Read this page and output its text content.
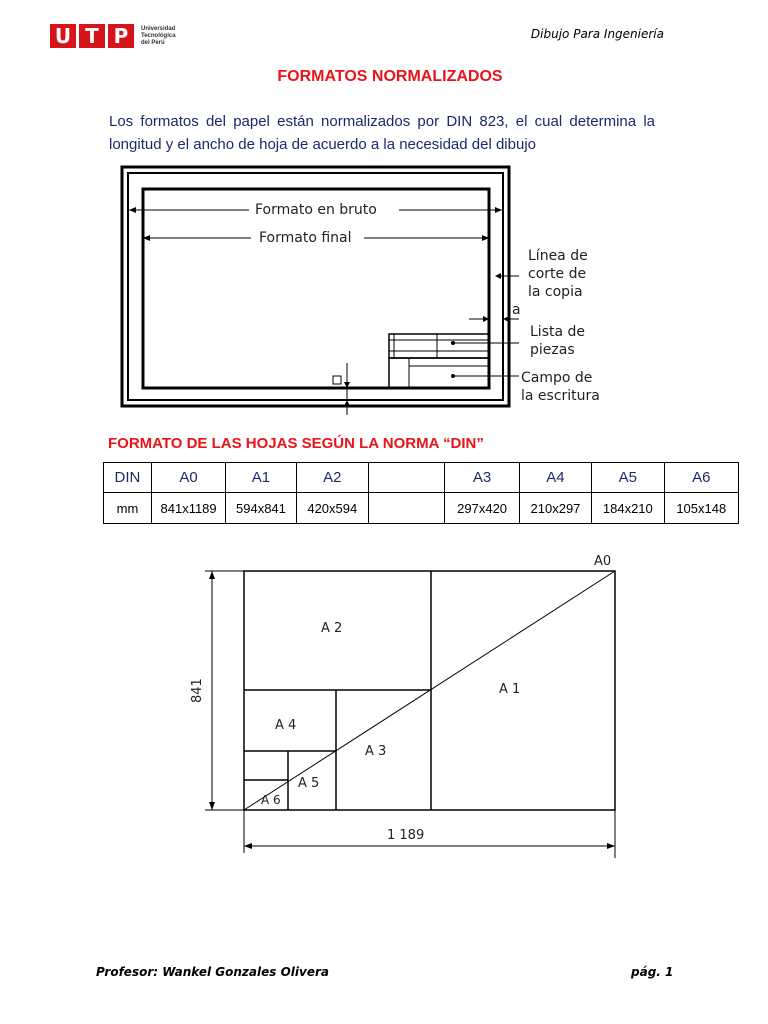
U T P	Universidad
Tecnológica
del Perú
Dibujo Para Ingeniería
FORMATOS NORMALIZADOS
Los formatos del papel están normalizados por DIN 823, el cual determina la longitud y el ancho de hoja de acuerdo a la necesidad del dibujo
Formato en bruto
Formato final
Línea de
corte de
la copia
a
Lista de
piezas
Campo de
la escritura
FORMATO DE LAS HOJAS SEGÚN LA NORMA “DIN”
DIN	A0	A1	A2		A3	A4	A5	A6
mm	841x1189	594x841	420x594		297x420	210x297	184x210	105x148
A0
A 1
A 2
A 3
A 4
A 5
A 6
841
1 189
Profesor: Wankel Gonzales Olivera	pág. 1
